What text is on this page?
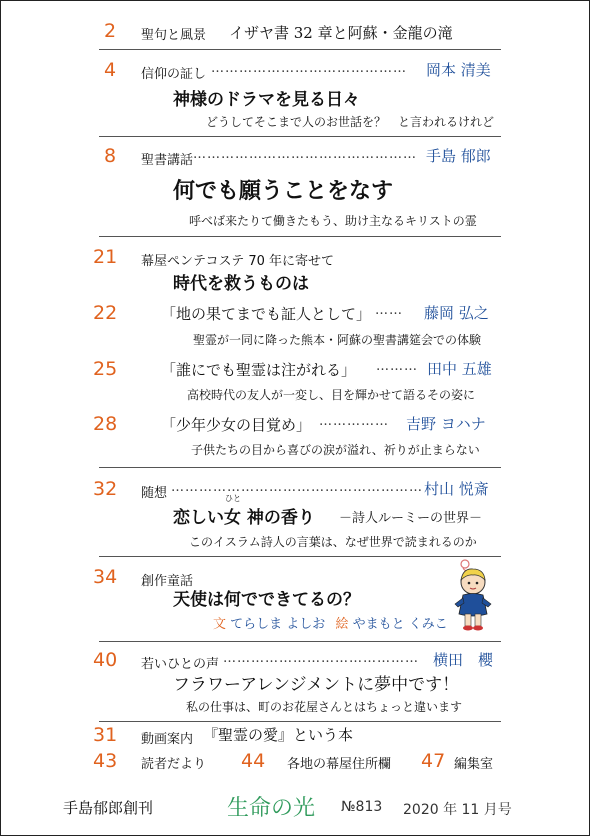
2 聖句と風景 イザヤ書 32 章と阿蘇・金龍の滝
4 信仰の証し …………………………………… 岡本 清美
神様のドラマを見る日々
どうしてそこまで人のお世話を？　と言われるけれど
8 聖書講話 ………………………………………… 手島 郁郎
何でも願うことをなす
呼べば来たりて働きたもう、助け主なるキリストの霊
21 幕屋ペンテコステ 70 年に寄せて
時代を救うものは
22	「地の果てまでも証人として」 …… 藤岡 弘之
聖霊が一同に降った熊本・阿蘇の聖書講筵会での体験
25	「誰にでも聖霊は注がれる」 ……… 田中 五雄
高校時代の友人が一変し、目を輝かせて語るその姿に
28	「少年少女の目覚め」 …………… 吉野 ヨハナ
子供たちの目から喜びの涙が溢れ、祈りが止まらない
32 随想 ……………………………………………… 村山 悦斎
恋しい
ひと
女 神の香り －詩人ルーミーの世界－
このイスラム詩人の言葉は、なぜ世界で読まれるのか
34 創作童話
天使は何でできてるの？
文 てらしま よしお 絵 やまもと くみこ
40 若いひとの声 …………………………………… 横田　櫻
フラワーアレンジメントに夢中です！
私の仕事は、町のお花屋さんとはちょっと違います
31 動画案内 『聖霊の愛』という本
43 読者だより 44 各地の幕屋住所欄 47 編集室
手島郁郎創刊	生命の光 №813 2020 年 11 月号
